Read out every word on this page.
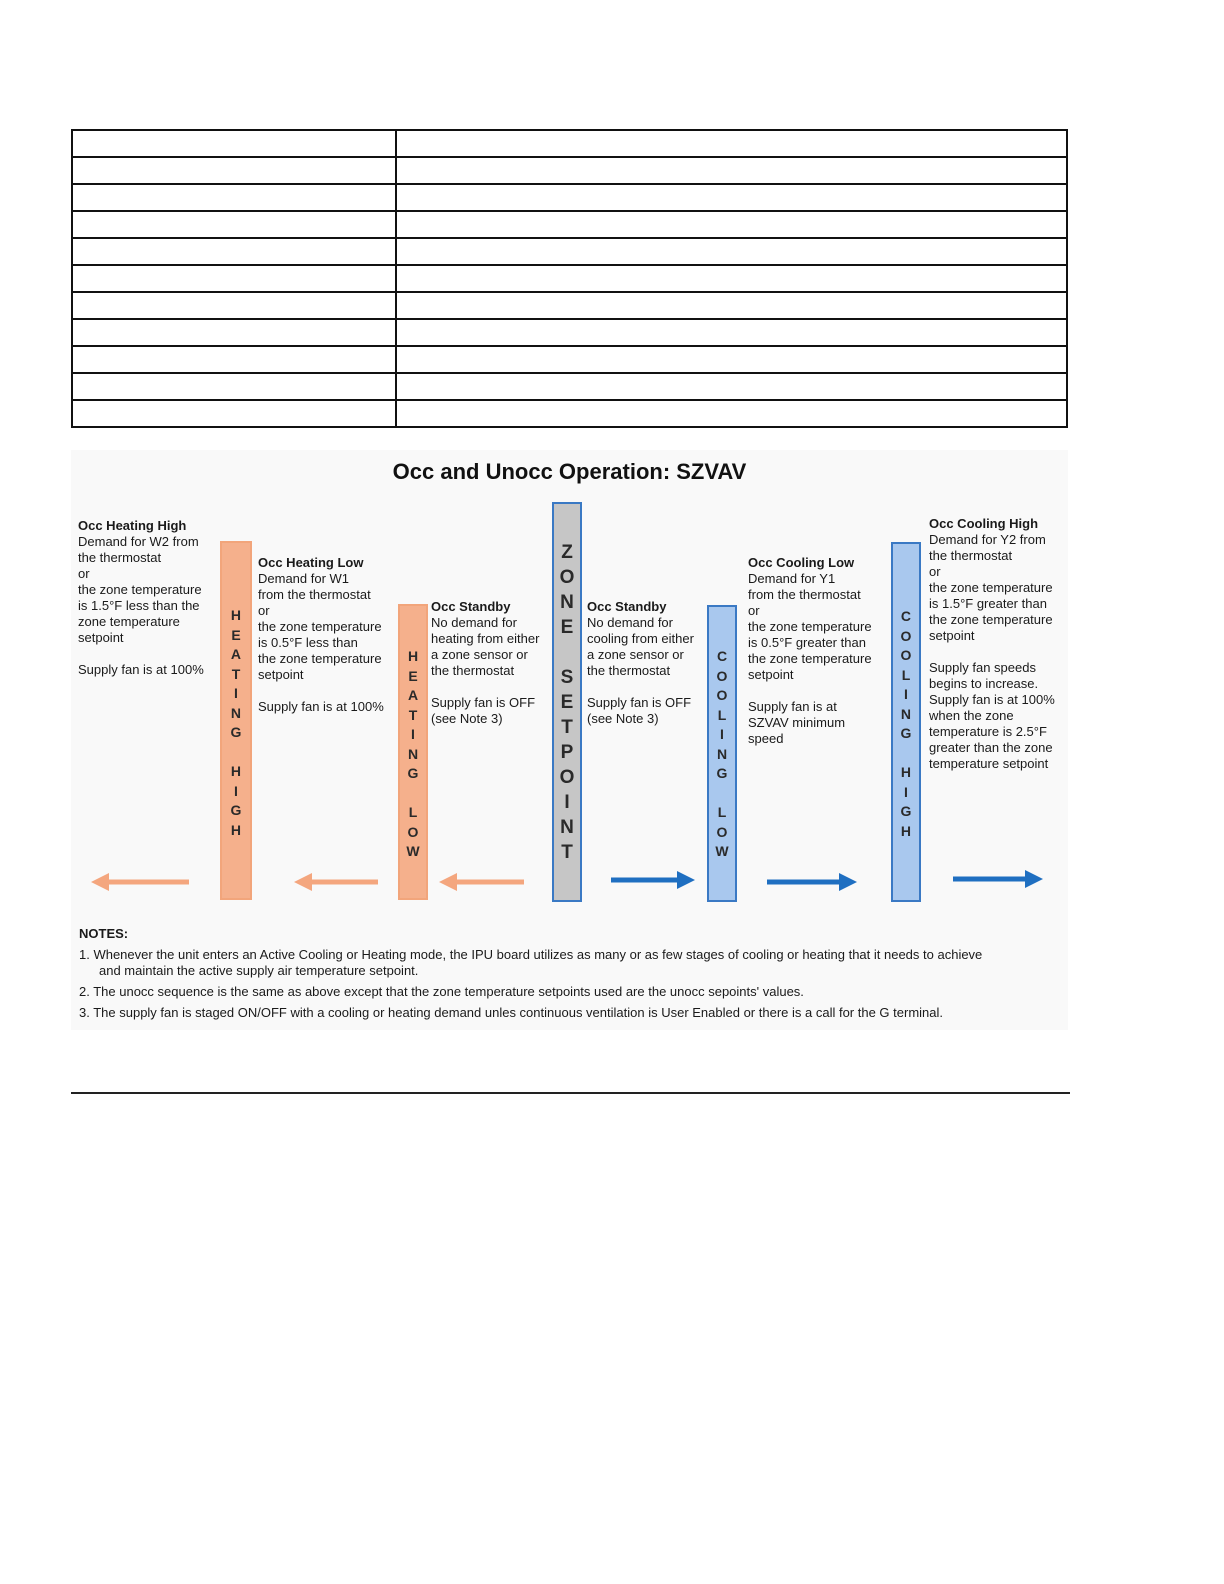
Occ and Unocc Operation: SZVAV
H
E
A
T
I
N
G

H
I
G
H
H
E
A
T
I
N
G

L
O
W
Z
O
N
E

S
E
T
P
O
I
N
T
C
O
O
L
I
N
G

L
O
W
C
O
O
L
I
N
G

H
I
G
H
Occ Heating High
Demand for W2 from
the thermostat
or
the zone temperature
is 1.5°F less than the
zone temperature
setpoint
Supply fan is at 100%
Occ Heating Low
Demand for W1
from the thermostat
or
the zone temperature
is 0.5°F less than
the zone temperature
setpoint
Supply fan is at 100%
Occ Standby
No demand for
heating from either
a zone sensor or
the thermostat
Supply fan is OFF
(see Note 3)
Occ Standby
No demand for
cooling from either
a zone sensor or
the thermostat
Supply fan is OFF
(see Note 3)
Occ Cooling Low
Demand for Y1
from the thermostat
or
the zone temperature
is 0.5°F greater than
the zone temperature
setpoint
Supply fan is at
SZVAV minimum
speed
Occ Cooling High
Demand for Y2 from
the thermostat
or
the zone temperature
is 1.5°F greater than
the zone temperature
setpoint
Supply fan speeds
begins to increase.
Supply fan is at 100%
when the zone
temperature is 2.5°F
greater than the zone
temperature setpoint
NOTES:
1. Whenever the unit enters an Active Cooling or Heating mode, the IPU board utilizes as many or as few stages of cooling or heating that it needs to achieve
and maintain the active supply air temperature setpoint.
2. The unocc sequence is the same as above except that the zone temperature setpoints used are the unocc sepoints' values.
3. The supply fan is staged ON/OFF with a cooling or heating demand unles continuous ventilation is User Enabled or there is a call for the G terminal.
